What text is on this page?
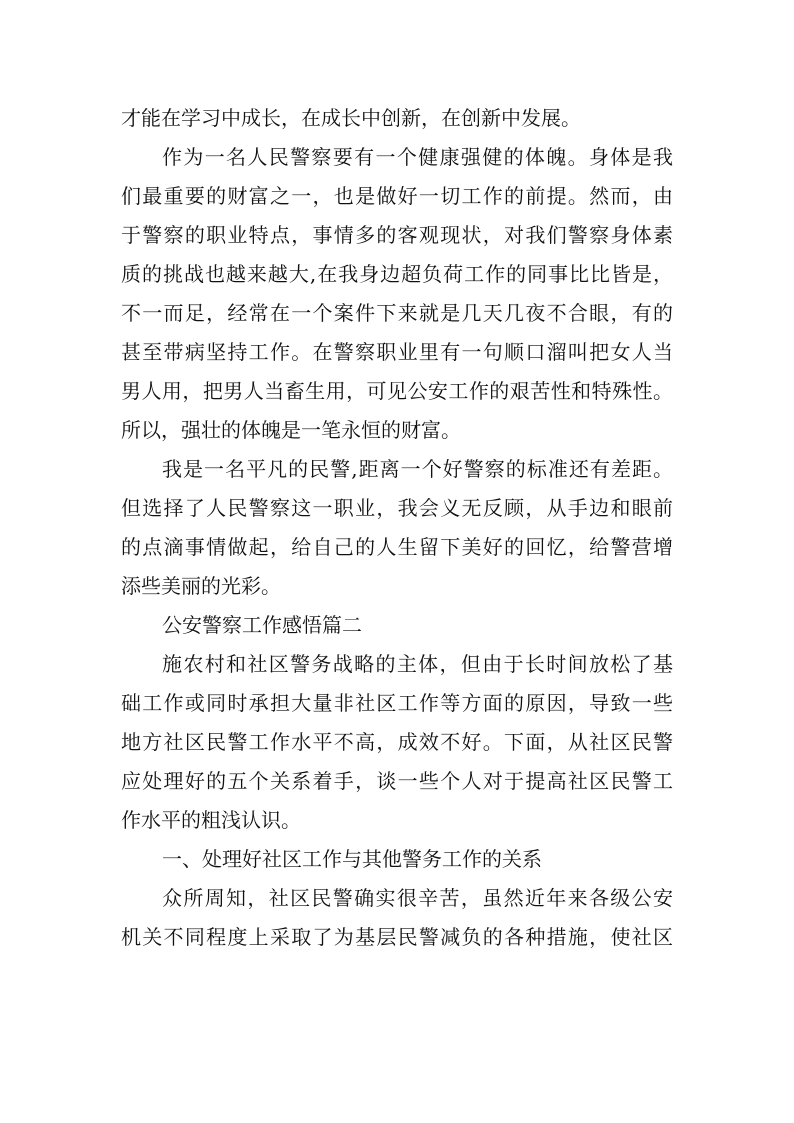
才能在学习中成长，在成长中创新，在创新中发展。
作为一名人民警察要有一个健康强健的体魄。身体是我
们最重要的财富之一，也是做好一切工作的前提。然而，由
于警察的职业特点，事情多的客观现状，对我们警察身体素
质的挑战也越来越大,在我身边超负荷工作的同事比比皆是，
不一而足，经常在一个案件下来就是几天几夜不合眼，有的
甚至带病坚持工作。在警察职业里有一句顺口溜叫把女人当
男人用，把男人当畜生用，可见公安工作的艰苦性和特殊性。
所以，强壮的体魄是一笔永恒的财富。
我是一名平凡的民警,距离一个好警察的标准还有差距。
但选择了人民警察这一职业，我会义无反顾，从手边和眼前
的点滴事情做起，给自己的人生留下美好的回忆，给警营增
添些美丽的光彩。
公安警察工作感悟篇二
施农村和社区警务战略的主体，但由于长时间放松了基
础工作或同时承担大量非社区工作等方面的原因，导致一些
地方社区民警工作水平不高，成效不好。下面，从社区民警
应处理好的五个关系着手，谈一些个人对于提高社区民警工
作水平的粗浅认识。
一、处理好社区工作与其他警务工作的关系
众所周知，社区民警确实很辛苦，虽然近年来各级公安
机关不同程度上采取了为基层民警减负的各种措施，使社区
